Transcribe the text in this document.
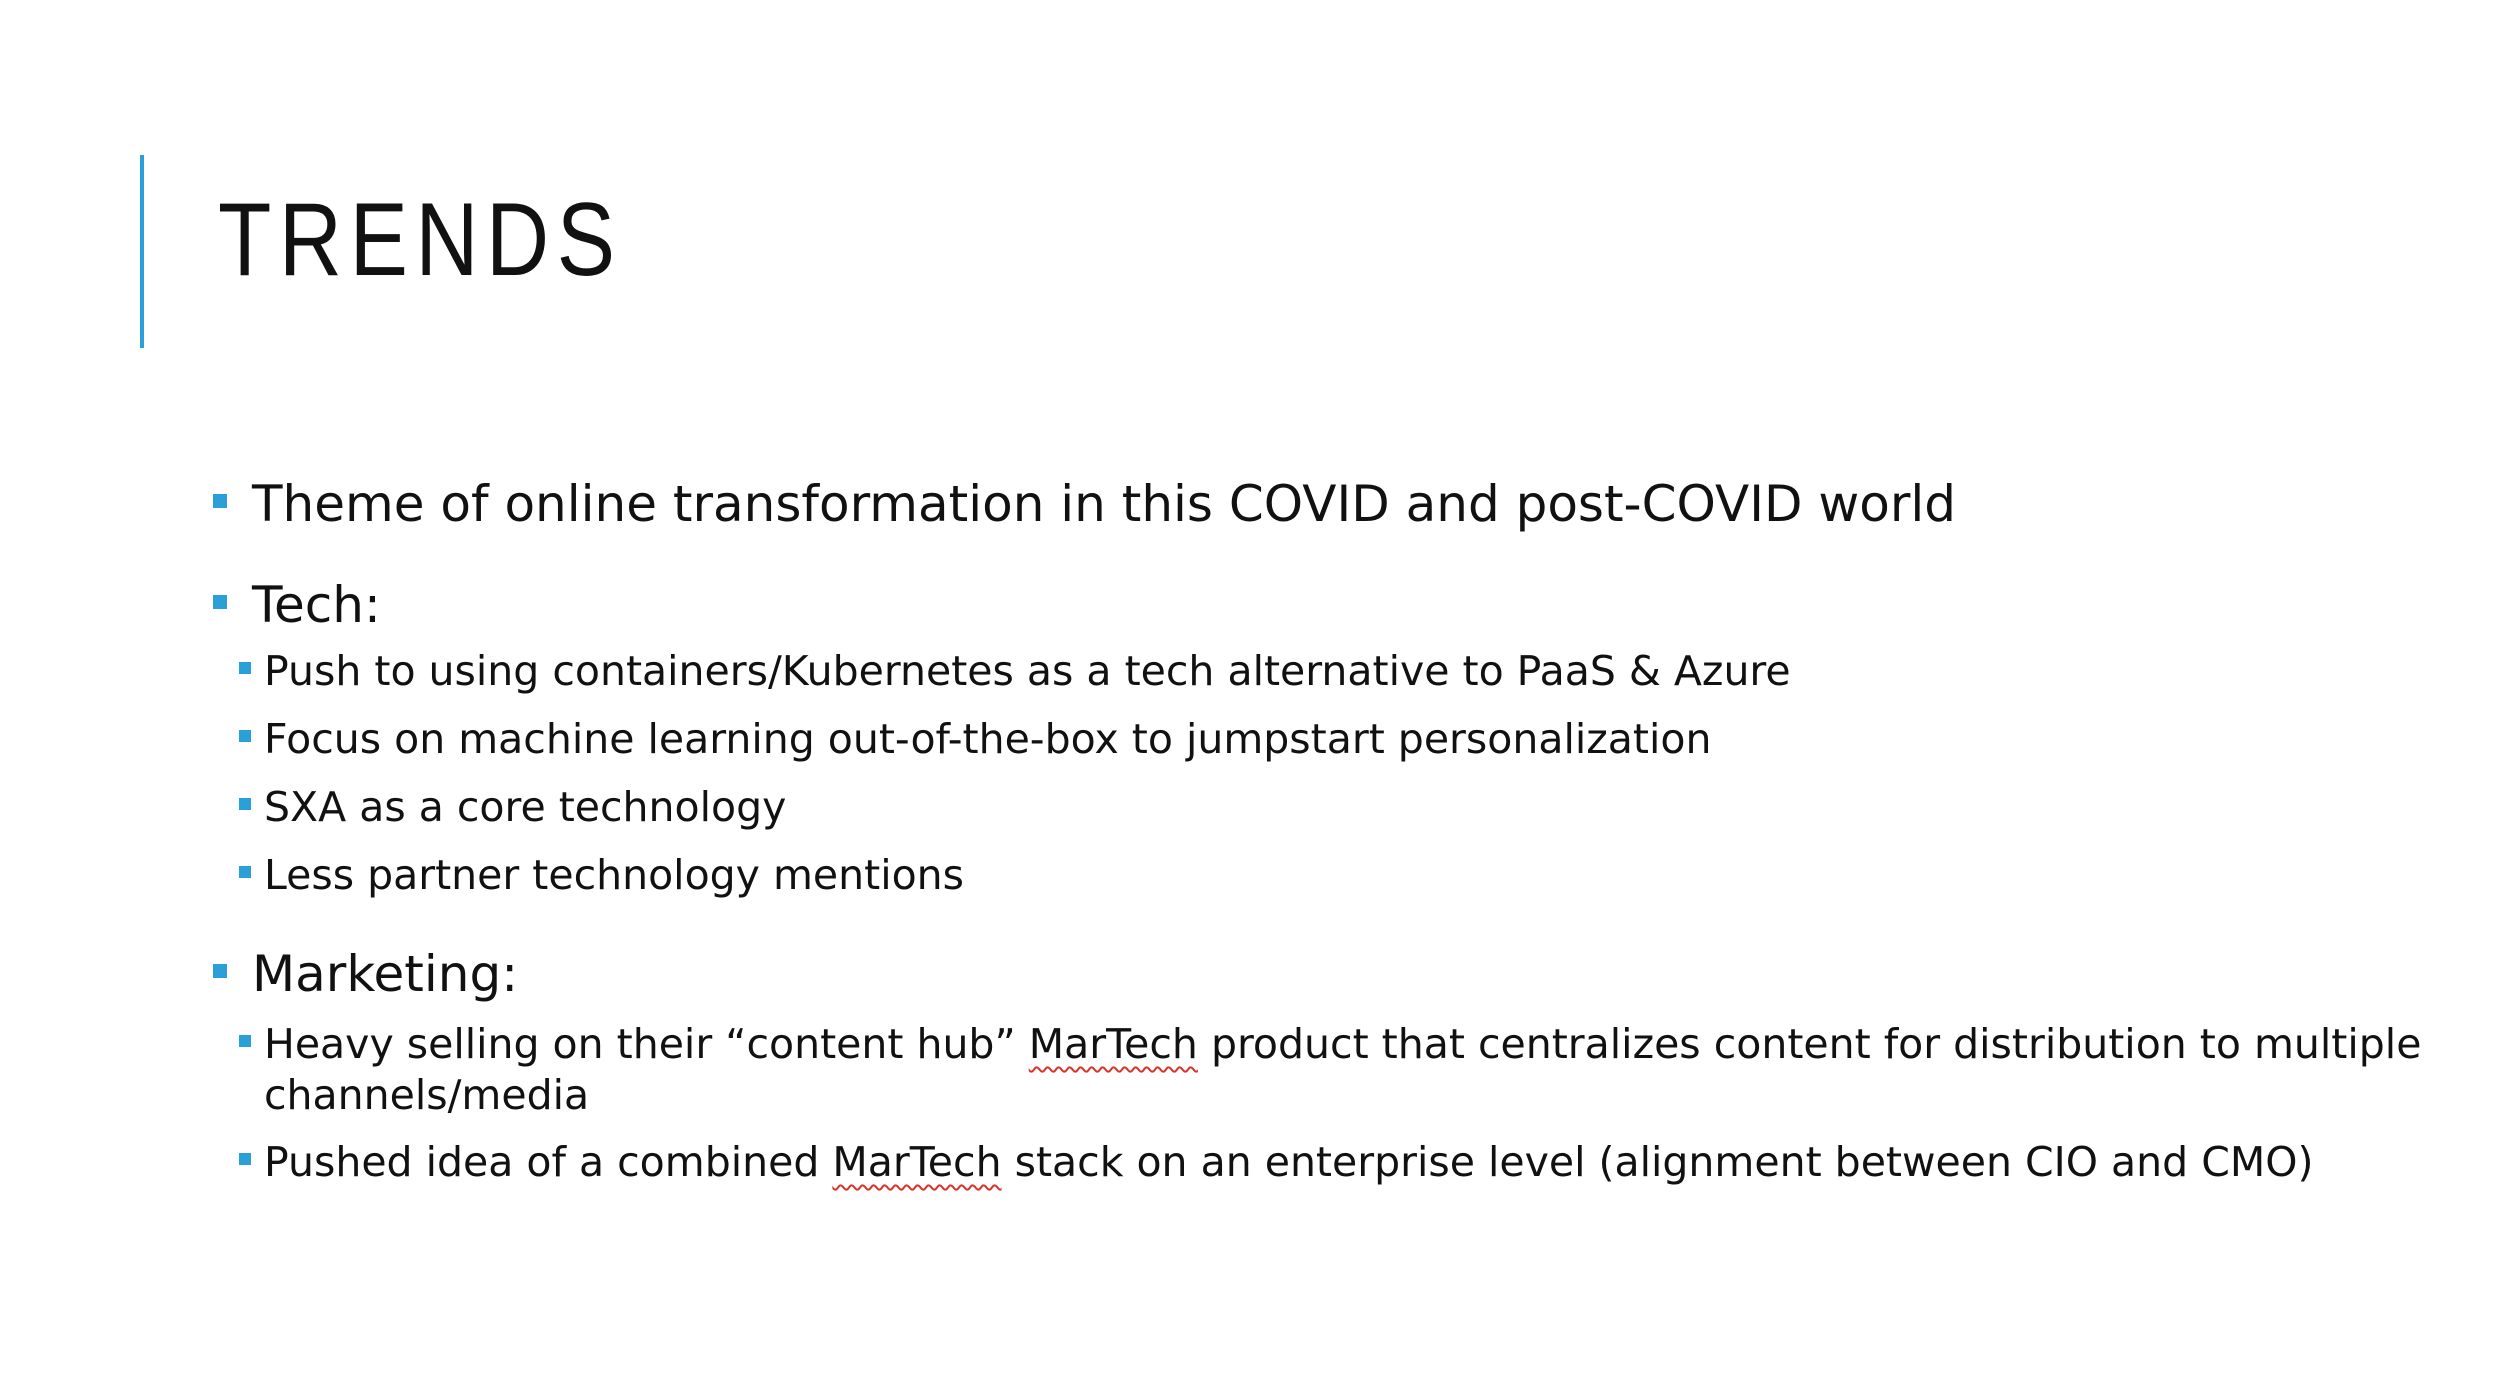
TRENDS
Theme of online transformation in this COVID and post-COVID world
Tech:
Push to using containers/Kubernetes as a tech alternative to PaaS & Azure
Focus on machine learning out-of-the-box to jumpstart personalization
SXA as a core technology
Less partner technology mentions
Marketing:
Heavy selling on their “content hub” MarTech product that centralizes content for distribution to multiple
channels/media
Pushed idea of a combined MarTech stack on an enterprise level (alignment between CIO and CMO)
